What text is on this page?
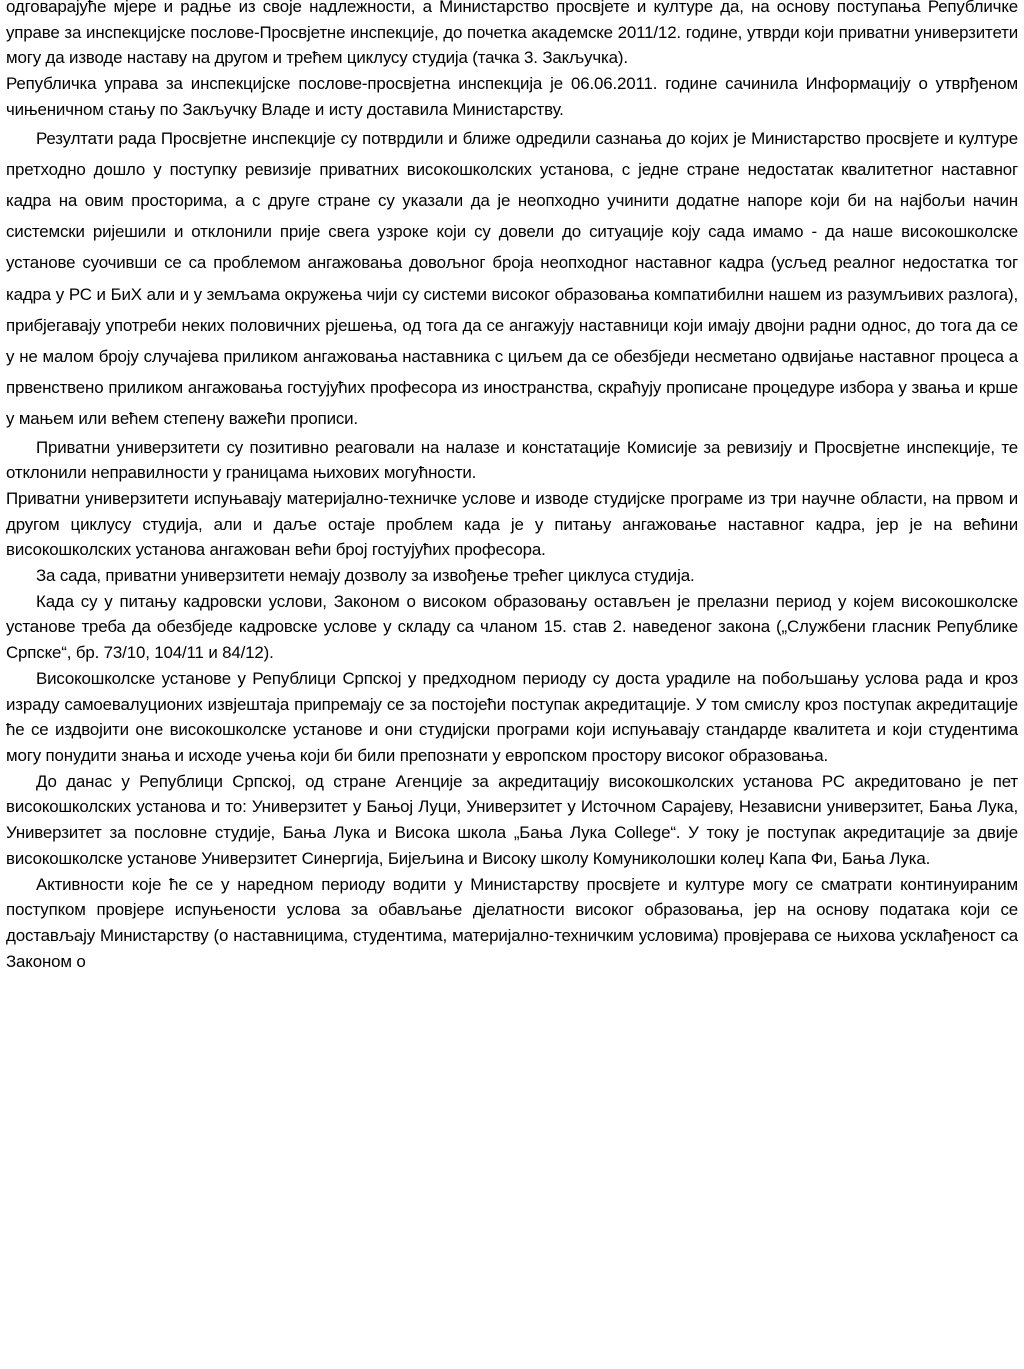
одговарајуће мјере и радње из своје надлежности, а Министарство просвјете и културе да, на основу поступања Републичке управе за инспекцијске послове-Просвјетне инспекције, до почетка академске 2011/12. године, утврди који приватни универзитети могу да изводе наставу на другом и трећем циклусу студија (тачка 3. Закључка).

Републичка управа за инспекцијске послове-просвјетна инспекција је 06.06.2011. године сачинила Информацију о утврђеном чињеничном стању по Закључку Владе и исту доставила Министарству.

Резултати рада Просвјетне инспекције су потврдили и ближе одредили сазнања до којих је Министарство просвјете и културе претходно дошло у поступку ревизије приватних високошколских установа, с једне стране недостатак квалитетног наставног кадра на овим просторима, а с друге стране су указали да је неопходно учинити додатне напоре који би на најбољи начин системски ријешили и отклонили прије свега узроке који су довели до ситуације коју сада имамо - да наше високошколске установе суочивши се са проблемом ангажовања довољног броја неопходног наставног кадра (усљед реалног недостатка тог кадра у РС и БиХ али и у земљама окружења чији су системи високог образовања компатибилни нашем из разумљивих разлога), прибјегавају употреби неких половичних рјешења, од тога да се ангажују наставници који имају двојни радни однос, до тога да се у не малом броју случајева приликом ангажовања наставника с циљем да се обезбједи несметано одвијање наставног процеса а првенствено приликом ангажовања гостујућих професора из иностранства, скраћују прописане процедуре избора у звања и крше у мањем или већем степену важећи прописи.

Приватни универзитети су позитивно реаговали на налазе и констатације Комисије за ревизију и Просвјетне инспекције, те отклонили неправилности у границама њихових могућности.

Приватни универзитети испуњавају материјално-техничке услове и изводе студијске програме из три научне области, на првом и другом циклусу студија, али и даље остаје проблем када је у питању ангажовање наставног кадра, јер је на већини високошколских установа ангажован већи број гостујућих професора.

За сада, приватни универзитети немају дозволу за извођење трећег циклуса студија.

Када су у питању кадровски услови, Законом о високом образовању остављен је прелазни период у којем високошколске установе треба да обезбједе кадровске услове у складу са чланом 15. став 2. наведеног закона („Службени гласник Републике Српске“, бр. 73/10, 104/11 и 84/12).

Високошколске установе у Републици Српској у предходном периоду су доста урадиле на побољшању услова рада и кроз израду самоевалуционих извјештаја припремају се за постојећи поступак акредитације. У том смислу кроз поступак акредитације ће се издвојити оне високошколске установе и они студијски програми који испуњавају стандарде квалитета и који студентима могу понудити знања и исходе учења који би били препознати у европском простору високог образовања.

До данас у Републици Српској, од стране Агенције за акредитацију високошколских установа РС акредитовано је пет високошколских установа и то: Универзитет у Бањој Луци, Универзитет у Источном Сарајеву, Независни универзитет, Бања Лука, Универзитет за пословне студије, Бања Лука и Висока школа „Бања Лука College“. У току је поступак акредитације за двије високошколске установе Универзитет Синергија, Бијељина и Високу школу Комуниколошки колеџ Капа Фи, Бања Лука.

Активности које ће се у наредном периоду водити у Министарству просвјете и културе могу се сматрати континуираним поступком провјере испуњености услова за обављање дјелатности високог образовања, јер на основу података који се достављају Министарству (о наставницима, студентима, материјално-техничким условима) провјерава се њихова усклађеност са Законом о
